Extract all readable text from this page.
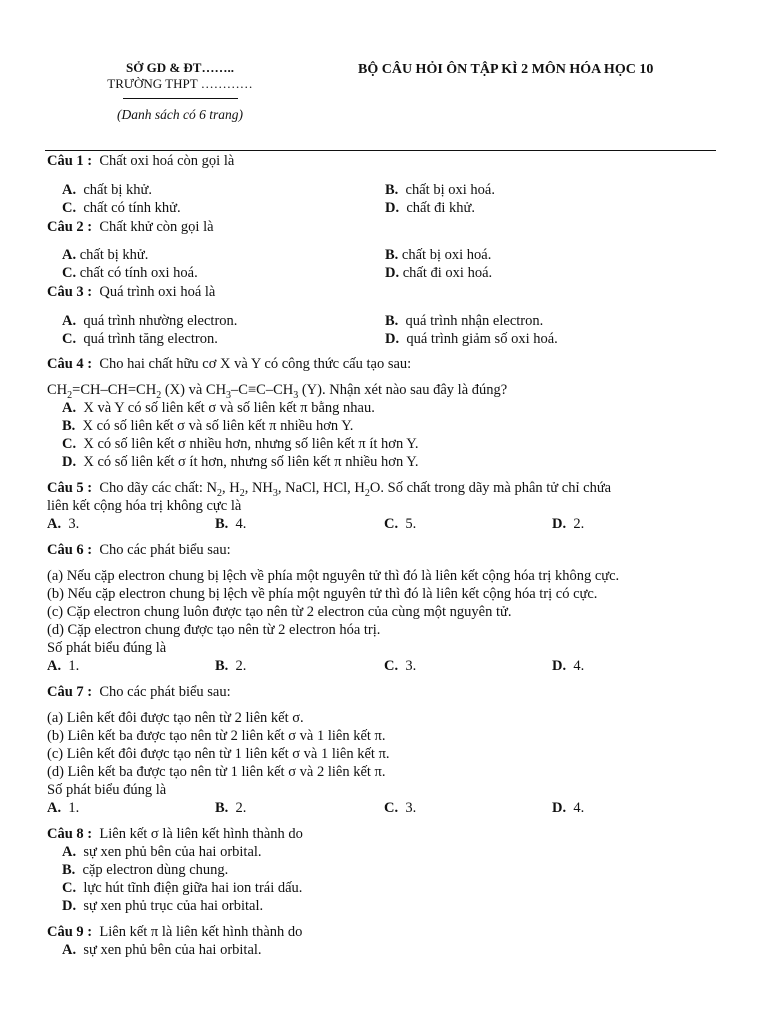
SỞ GD & ĐT……..
TRƯỜNG THPT …………
(Danh sách có 6 trang)
BỘ CÂU HỎI ÔN TẬP KÌ 2 MÔN HÓA HỌC 10
Câu 1 : Chất oxi hoá còn gọi là
A. chất bị khử.	B. chất bị oxi hoá.
C. chất có tính khử.	D. chất đi khử.
Câu 2 : Chất khử còn gọi là
A. chất bị khử.	B. chất bị oxi hoá.
C. chất có tính oxi hoá.	D. chất đi oxi hoá.
Câu 3 : Quá trình oxi hoá là
A. quá trình nhường electron.	B. quá trình nhận electron.
C. quá trình tăng electron.	D. quá trình giảm số oxi hoá.
Câu 4 : Cho hai chất hữu cơ X và Y có công thức cấu tạo sau:
$CH_2=CH-CH=CH_2$ (X) và $CH_3-C\equiv C-CH_3$ (Y). Nhận xét nào sau đây là đúng?
A. X và Y có số liên kết σ và số liên kết π bằng nhau.
B. X có số liên kết σ và số liên kết π nhiều hơn Y.
C. X có số liên kết σ nhiều hơn, nhưng số liên kết π ít hơn Y.
D. X có số liên kết σ ít hơn, nhưng số liên kết π nhiều hơn Y.
Câu 5 : Cho dãy các chất: $N_2$, $H_2$, $NH_3$, NaCl, HCl, $H_2O$. Số chất trong dãy mà phân tử chỉ chứa
liên kết cộng hóa trị không cực là
A. 3.	B. 4.	C. 5.	D. 2.
Câu 6 : Cho các phát biểu sau:
(a) Nếu cặp electron chung bị lệch về phía một nguyên tử thì đó là liên kết cộng hóa trị không cực.
(b) Nếu cặp electron chung bị lệch về phía một nguyên tử thì đó là liên kết cộng hóa trị có cực.
(c) Cặp electron chung luôn được tạo nên từ 2 electron của cùng một nguyên tử.
(d) Cặp electron chung được tạo nên từ 2 electron hóa trị.
Số phát biểu đúng là
A. 1.	B. 2.	C. 3.	D. 4.
Câu 7 : Cho các phát biểu sau:
(a) Liên kết đôi được tạo nên từ 2 liên kết σ.
(b) Liên kết ba được tạo nên từ 2 liên kết σ và 1 liên kết π.
(c) Liên kết đôi được tạo nên từ 1 liên kết σ và 1 liên kết π.
(d) Liên kết ba được tạo nên từ 1 liên kết σ và 2 liên kết π.
Số phát biểu đúng là
A. 1.	B. 2.	C. 3.	D. 4.
Câu 8 : Liên kết σ là liên kết hình thành do
A. sự xen phủ bên của hai orbital.
B. cặp electron dùng chung.
C. lực hút tĩnh điện giữa hai ion trái dấu.
D. sự xen phủ trục của hai orbital.
Câu 9 : Liên kết π là liên kết hình thành do
A. sự xen phủ bên của hai orbital.
